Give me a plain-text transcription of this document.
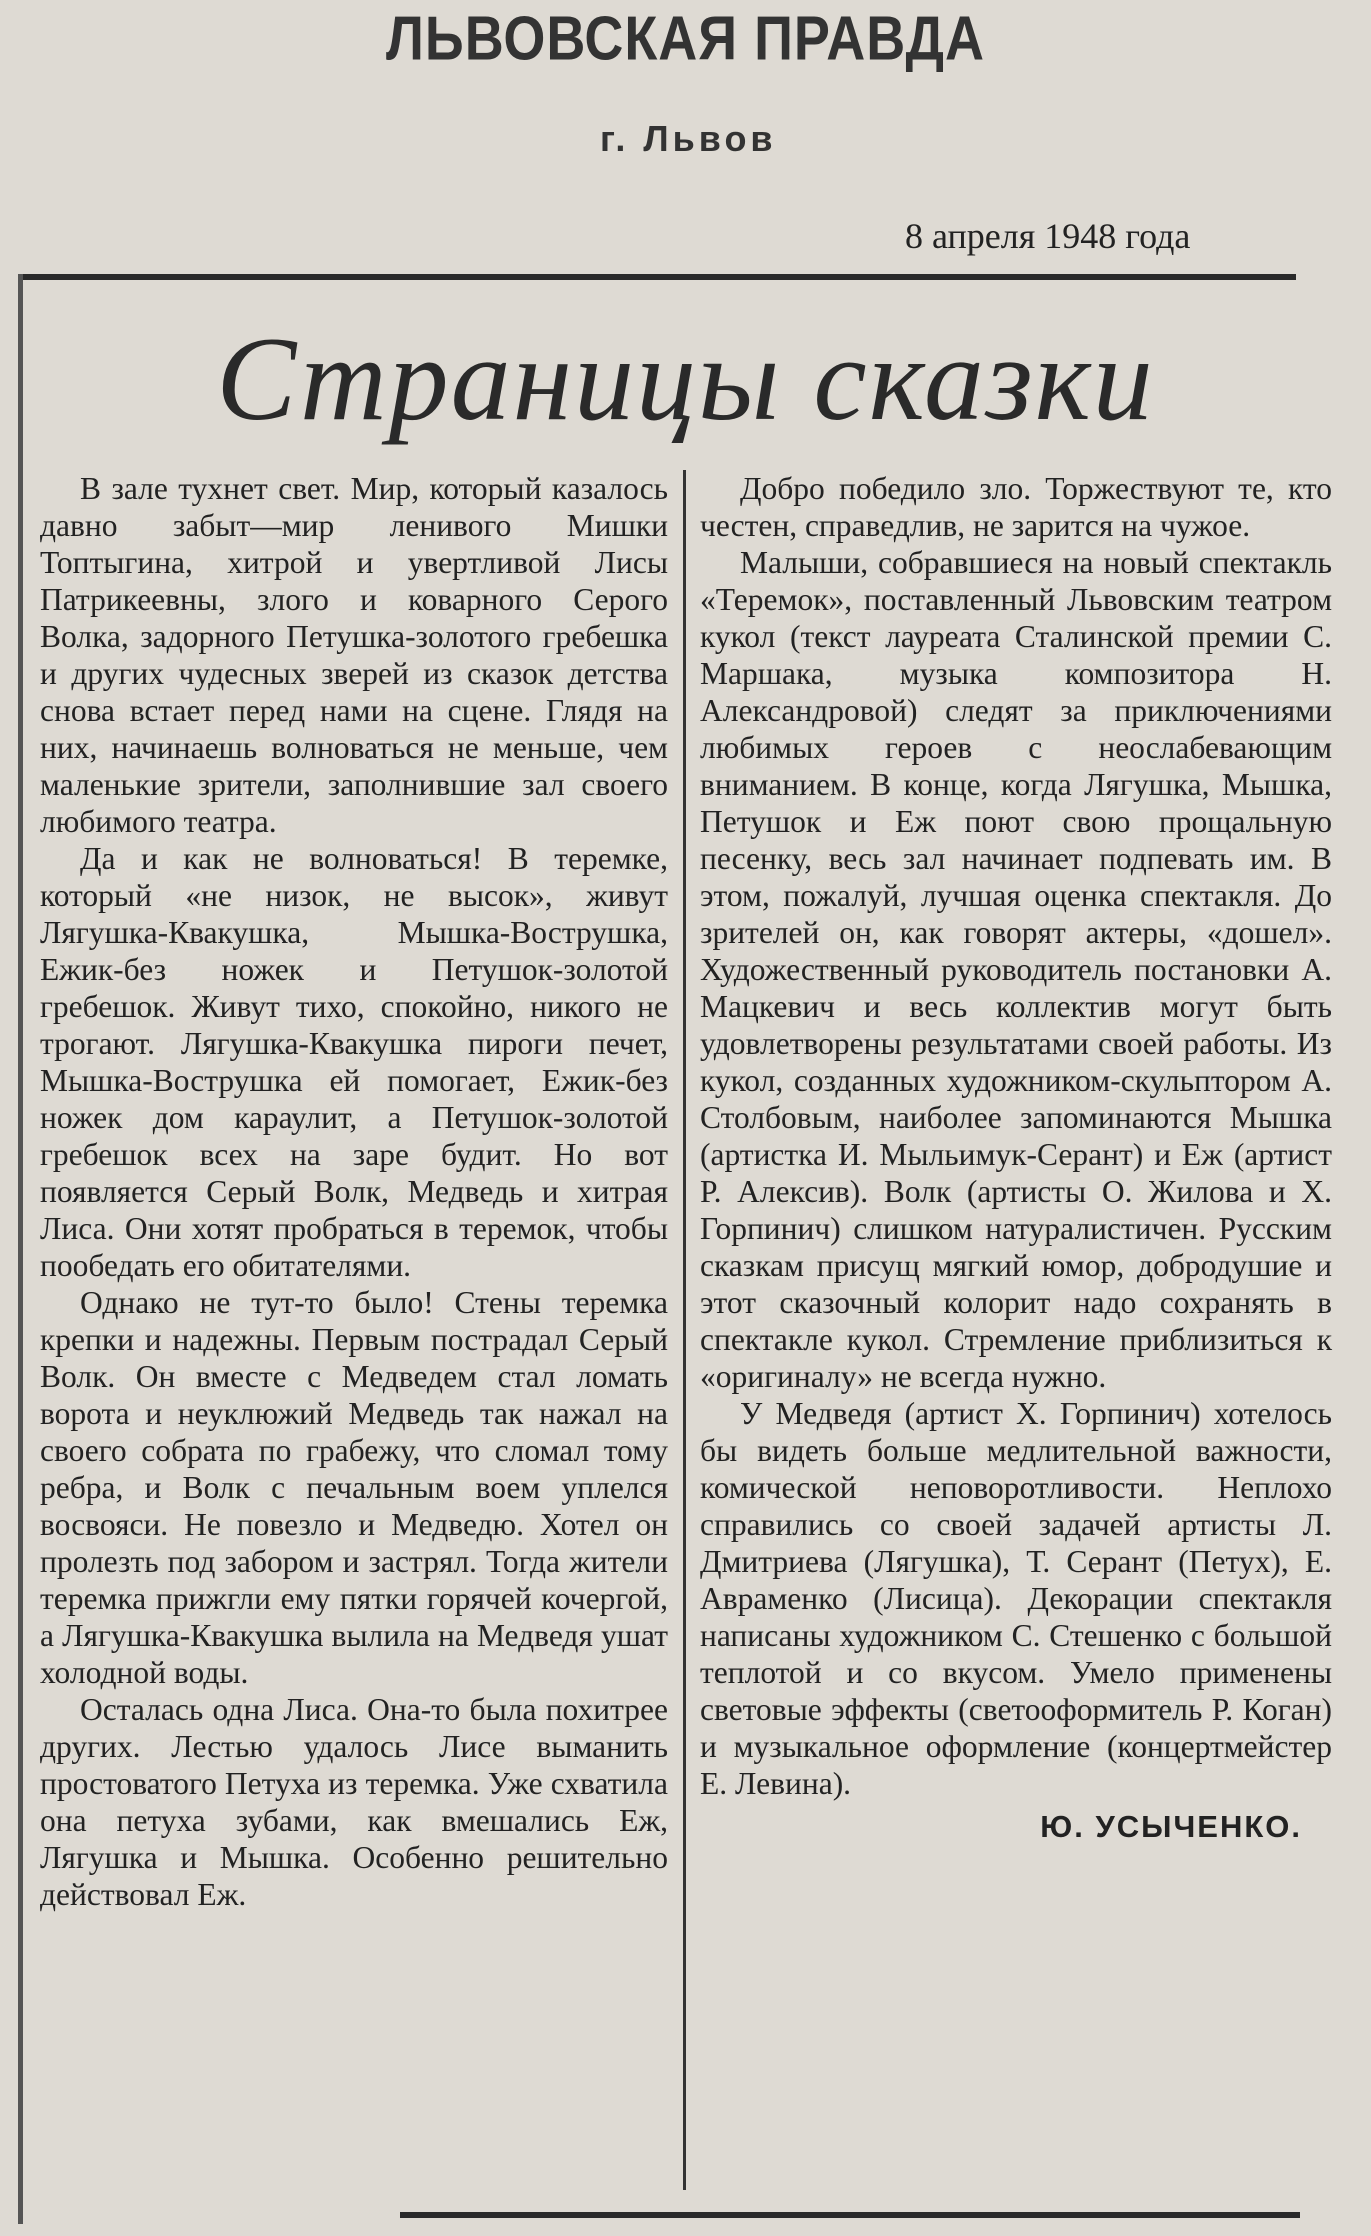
ЛЬВОВСКАЯ ПРАВДА
г. Львов
8 апреля 1948 года
Страницы сказки

В зале тухнет свет. Мир, который казалось давно забыт—мир ленивого Мишки Топтыгина, хитрой и увертливой Лисы Патрикеевны, злого и коварного Серого Волка, задорного Петушка-золотого гребешка и других чудесных зверей из сказок детства снова встает перед нами на сцене. Глядя на них, начинаешь волноваться не меньше, чем маленькие зрители, заполнившие зал своего любимого театра.

Да и как не волноваться! В теремке, который «не низок, не высок», живут Лягушка-Квакушка, Мышка-Вострушка, Ежик-без ножек и Петушок-золотой гребешок. Живут тихо, спокойно, никого не трогают. Лягушка-Квакушка пироги печет, Мышка-Вострушка ей помогает, Ежик-без ножек дом караулит, а Петушок-золотой гребешок всех на заре будит. Но вот появляется Серый Волк, Медведь и хитрая Лиса. Они хотят пробраться в теремок, чтобы пообедать его обитателями.

Однако не тут-то было! Стены теремка крепки и надежны. Первым пострадал Серый Волк. Он вместе с Медведем стал ломать ворота и неуклюжий Медведь так нажал на своего собрата по грабежу, что сломал тому ребра, и Волк с печальным воем уплелся восвояси. Не повезло и Медведю. Хотел он пролезть под забором и застрял. Тогда жители теремка прижгли ему пятки горячей кочергой, а Лягушка-Квакушка вылила на Медведя ушат холодной воды.

Осталась одна Лиса. Она-то была похитрее других. Лестью удалось Лисе выманить простоватого Петуха из теремка. Уже схватила она петуха зубами, как вмешались Еж, Лягушка и Мышка. Особенно решительно действовал Еж.

Добро победило зло. Торжествуют те, кто честен, справедлив, не зарится на чужое.

Малыши, собравшиеся на новый спектакль «Теремок», поставленный Львовским театром кукол (текст лауреата Сталинской премии С. Маршака, музыка композитора Н. Александровой) следят за приключениями любимых героев с неослабевающим вниманием. В конце, когда Лягушка, Мышка, Петушок и Еж поют свою прощальную песенку, весь зал начинает подпевать им. В этом, пожалуй, лучшая оценка спектакля. До зрителей он, как говорят актеры, «дошел». Художественный руководитель постановки А. Мацкевич и весь коллектив могут быть удовлетворены результатами своей работы. Из кукол, созданных художником-скульптором А. Столбовым, наиболее запоминаются Мышка (артистка И. Мыльимук-Серант) и Еж (артист Р. Алексив). Волк (артисты О. Жилова и Х. Горпинич) слишком натуралистичен. Русским сказкам присущ мягкий юмор, добродушие и этот сказочный колорит надо сохранять в спектакле кукол. Стремление приблизиться к «оригиналу» не всегда нужно.

У Медведя (артист Х. Горпинич) хотелось бы видеть больше медлительной важности, комической неповоротливости. Неплохо справились со своей задачей артисты Л. Дмитриева (Лягушка), Т. Серант (Петух), Е. Авраменко (Лисица). Декорации спектакля написаны художником С. Стешенко с большой теплотой и со вкусом. Умело применены световые эффекты (светооформитель Р. Коган) и музыкальное оформление (концертмейстер Е. Левина).

Ю. УСЫЧЕНКО.
